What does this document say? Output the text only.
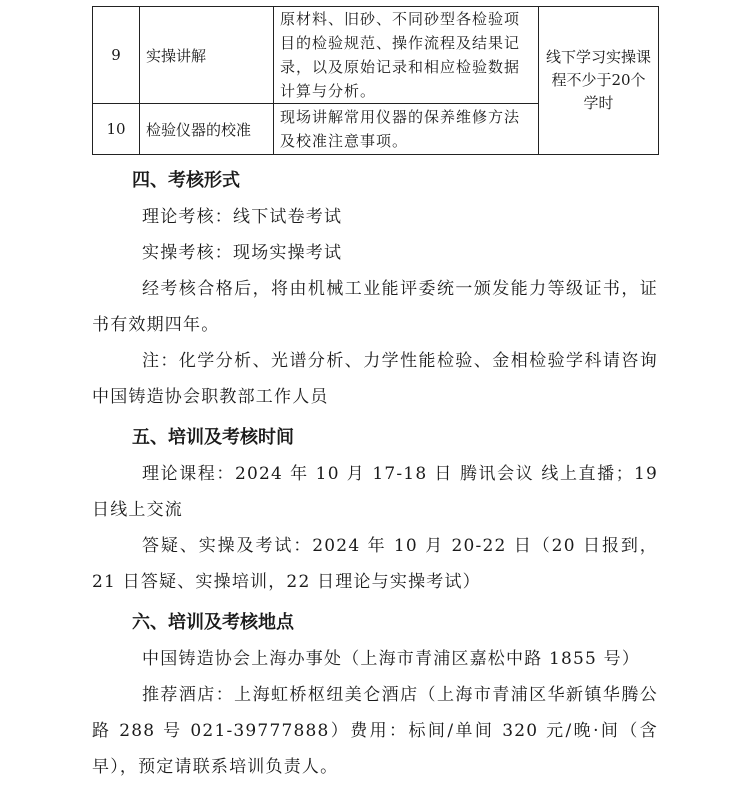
9	实操讲解	原材料、旧砂、不同砂型各检验项目的检验规范、操作流程及结果记录，以及原始记录和相应检验数据计算与分析。	线下学习实操课程不少于20个学时
10	检验仪器的校准	现场讲解常用仪器的保养维修方法及校准注意事项。	
四、考核形式

理论考核：线下试卷考试

实操考核：现场实操考试

经考核合格后，将由机械工业能评委统一颁发能力等级证书，证书有效期四年。

注：化学分析、光谱分析、力学性能检验、金相检验学科请咨询中国铸造协会职教部工作人员

五、培训及考核时间

理论课程：2024 年 10 月 17-18 日 腾讯会议 线上直播；19 日线上交流

答疑、实操及考试：2024 年 10 月 20-22 日（20 日报到，21 日答疑、实操培训，22 日理论与实操考试）

六、培训及考核地点

中国铸造协会上海办事处（上海市青浦区嘉松中路 1855 号）

推荐酒店：上海虹桥枢纽美仑酒店（上海市青浦区华新镇华腾公路 288 号 021-39777888）费用：标间/单间 320 元/晚·间（含早），预定请联系培训负责人。
